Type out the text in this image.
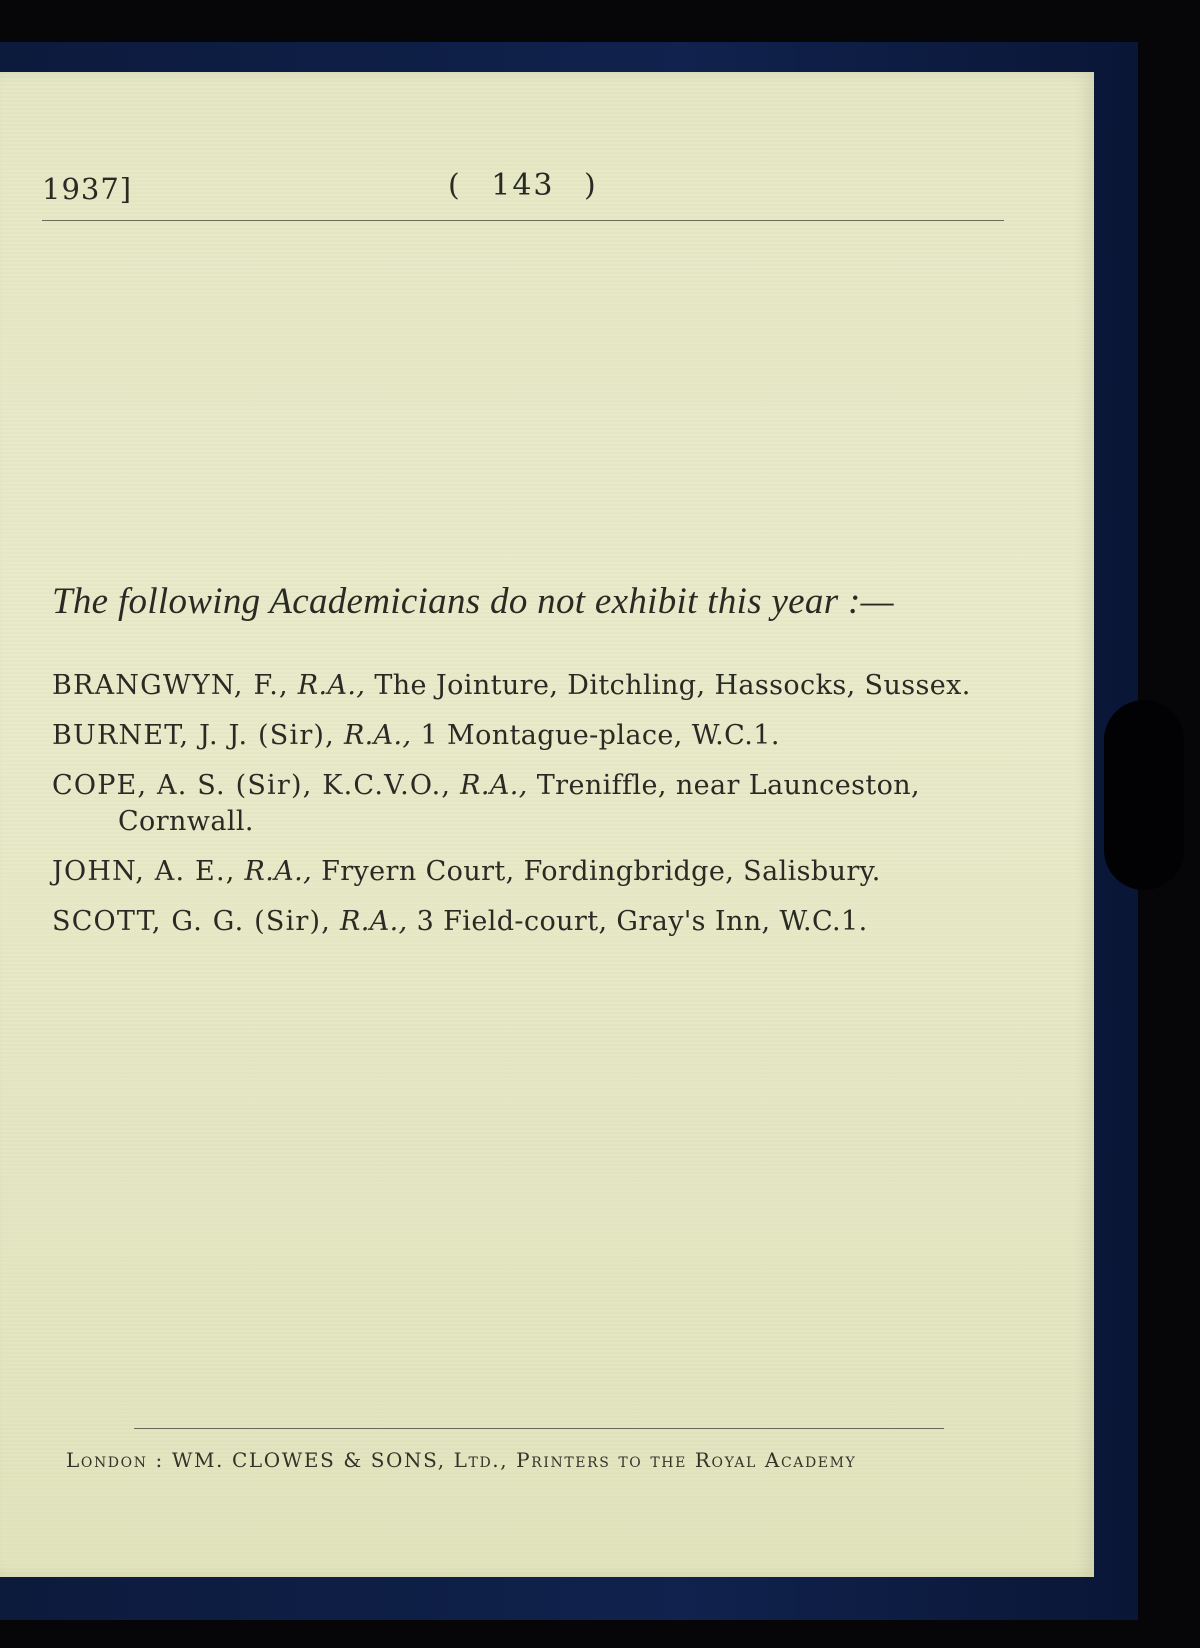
1937]	( 143 )
The following Academicians do not exhibit this year :—
BRANGWYN, F., R.A., The Jointure, Ditchling, Hassocks, Sussex.
BURNET, J. J. (Sir), R.A., 1 Montague-place, W.C.1.
COPE, A. S. (Sir), K.C.V.O., R.A., Treniffle, near Launceston, Cornwall.
JOHN, A. E., R.A., Fryern Court, Fordingbridge, Salisbury.
SCOTT, G. G. (Sir), R.A., 3 Field-court, Gray's Inn, W.C.1.
London : WM. CLOWES & SONS, Ltd., Printers to the Royal Academy
